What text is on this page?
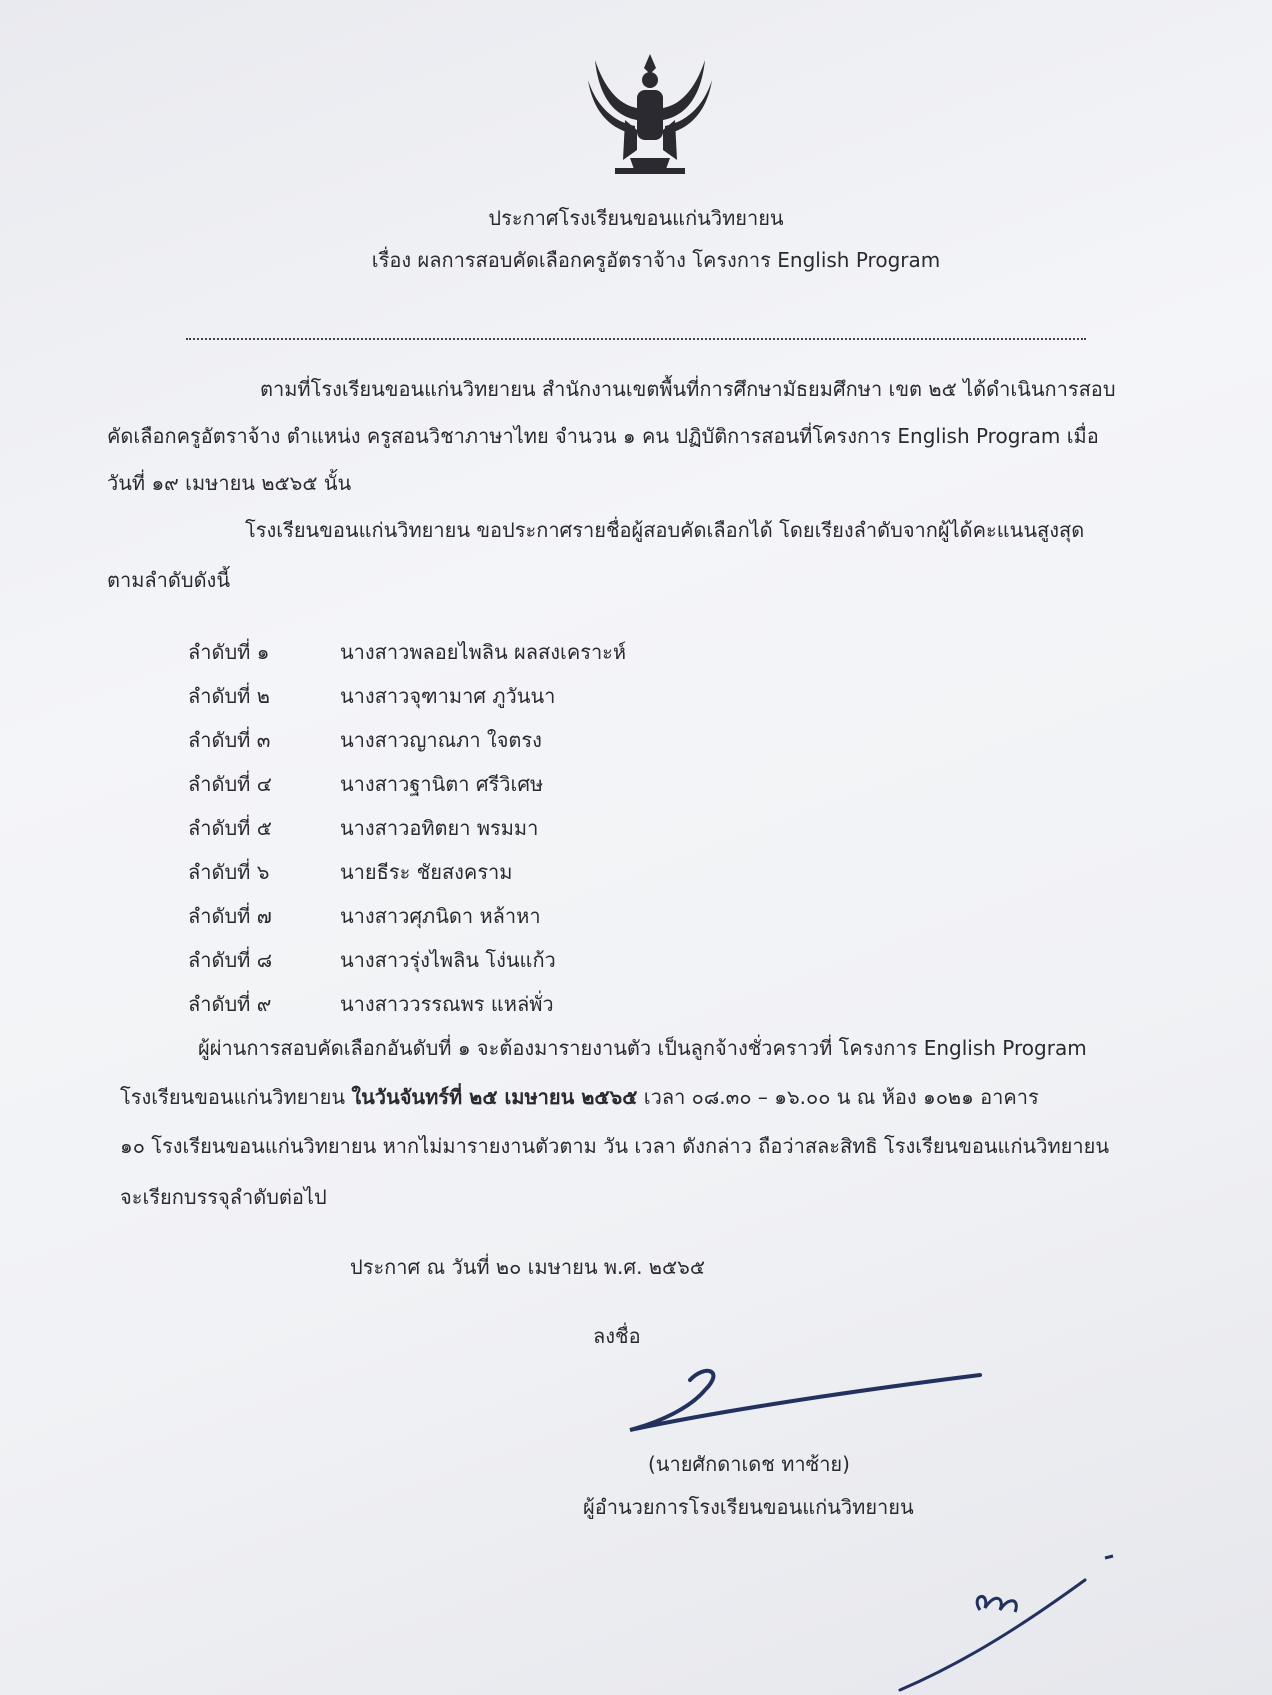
ประกาศโรงเรียนขอนแก่นวิทยายน
เรื่อง ผลการสอบคัดเลือกครูอัตราจ้าง โครงการ English Program
ตามที่โรงเรียนขอนแก่นวิทยายน สำนักงานเขตพื้นที่การศึกษามัธยมศึกษา เขต ๒๕ ได้ดำเนินการสอบ
คัดเลือกครูอัตราจ้าง ตำแหน่ง ครูสอนวิชาภาษาไทย จำนวน ๑ คน ปฏิบัติการสอนที่โครงการ English Program เมื่อ
วันที่ ๑๙ เมษายน ๒๕๖๕ นั้น
โรงเรียนขอนแก่นวิทยายน ขอประกาศรายชื่อผู้สอบคัดเลือกได้ โดยเรียงลำดับจากผู้ได้คะแนนสูงสุด
ตามลำดับดังนี้
ลำดับที่ ๑	นางสาวพลอยไพลิน ผลสงเคราะห์
ลำดับที่ ๒	นางสาวจุฑามาศ ภูวันนา
ลำดับที่ ๓	นางสาวญาณภา ใจตรง
ลำดับที่ ๔	นางสาวฐานิตา ศรีวิเศษ
ลำดับที่ ๕	นางสาวอทิตยา พรมมา
ลำดับที่ ๖	นายธีระ ชัยสงคราม
ลำดับที่ ๗	นางสาวศุภนิดา หล้าหา
ลำดับที่ ๘	นางสาวรุ่งไพลิน โง่นแก้ว
ลำดับที่ ๙	นางสาววรรณพร แหล่พั่ว
ผู้ผ่านการสอบคัดเลือกอันดับที่ ๑ จะต้องมารายงานตัว เป็นลูกจ้างชั่วคราวที่ โครงการ English Program
โรงเรียนขอนแก่นวิทยายน ในวันจันทร์ที่ ๒๕ เมษายน ๒๕๖๕ เวลา ๐๘.๓๐ – ๑๖.๐๐ น ณ ห้อง ๑๐๒๑ อาคาร
๑๐ โรงเรียนขอนแก่นวิทยายน หากไม่มารายงานตัวตาม วัน เวลา ดังกล่าว ถือว่าสละสิทธิ โรงเรียนขอนแก่นวิทยายน
จะเรียกบรรจุลำดับต่อไป
ประกาศ ณ วันที่ ๒๐ เมษายน พ.ศ. ๒๕๖๕
ลงชื่อ
(นายศักดาเดช ทาซ้าย)
ผู้อำนวยการโรงเรียนขอนแก่นวิทยายน
